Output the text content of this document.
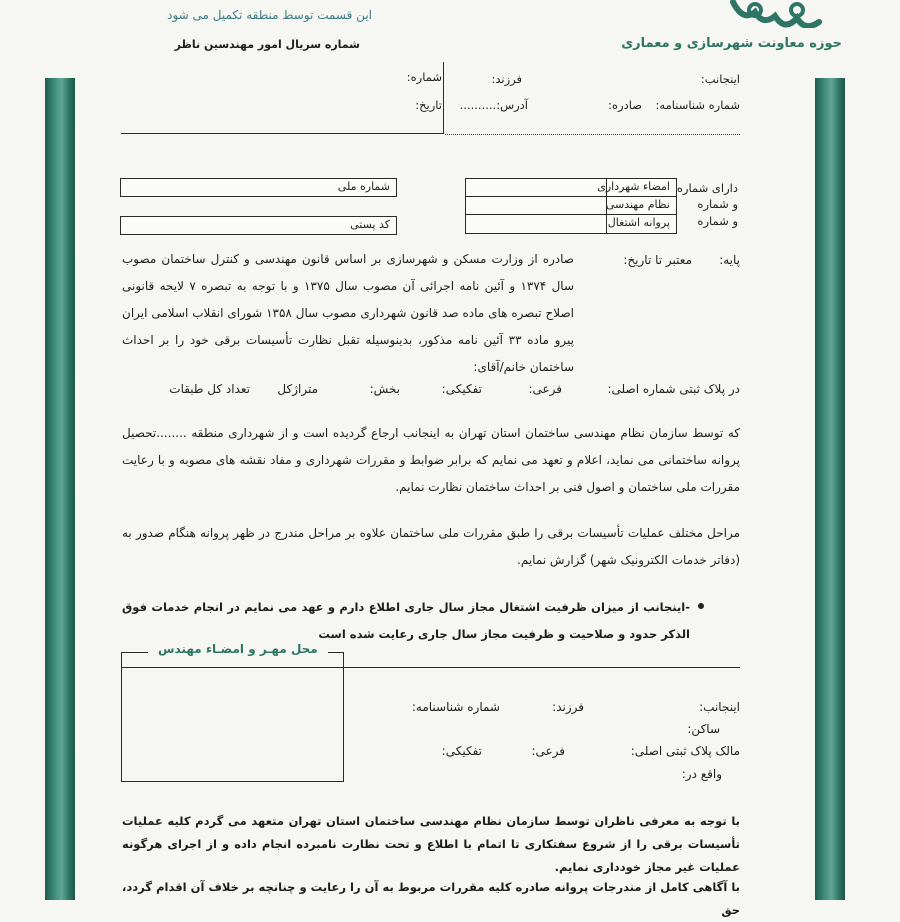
این قسمت توسط منطقه تکمیل می شود
شماره سریال امور مهندسین ناظر	حوزه معاونت شهرسازی و معماری
شماره:
تاریخ:
اینجانب:
فرزند:
شماره شناسنامه:
صادره:
آدرس:..........
دارای شماره
و شماره
و شماره
امضاء شهرداری
نظام مهندسی
پروانه اشتغال
شماره ملی
کد پستی
پایه:
معتبر تا تاریخ:
صادره از وزارت مسکن و شهرسازی بر اساس قانون مهندسی و کنترل ساختمان مصوب سال ۱۳۷۴ و آئین نامه اجرائی آن مصوب سال ۱۳۷۵ و با توجه به تبصره ۷ لایحه قانونی اصلاح تبصره های ماده صد قانون شهرداری مصوب سال ۱۳۵۸ شورای انقلاب اسلامی ایران پیرو ماده ۳۳ آئین نامه مذکور، بدینوسیله تقبل نظارت تأسیسات برقی خود را بر احداث ساختمان خانم/آقای:
در پلاک ثبتی شماره اصلی:
فرعی:
تفکیکی:
بخش:
متراژکل
تعداد کل طبقات
که توسط سازمان نظام مهندسی ساختمان استان تهران به اینجانب ارجاع گردیده است و از شهرداری منطقه ........تحصیل پروانه ساختمانی می نماید، اعلام و تعهد می نمایم که برابر ضوابط و مقررات شهرداری و مفاد نقشه های مصوبه و با رعایت مقررات ملی ساختمان و اصول فنی بر احداث ساختمان نظارت نمایم.
مراحل مختلف عملیات تأسیسات برقی را طبق مقررات ملی ساختمان علاوه بر مراحل مندرج در ظهر پروانه هنگام صدور به (دفاتر خدمات الکترونیک شهر) گزارش نمایم.
-اینجانب از میزان ظرفیت اشتغال مجاز سال جاری اطلاع دارم و عهد می نمایم در انجام خدمات فوق الذکر حدود و صلاحیت و ظرفیت مجاز سال جاری رعایت شده است
محل مهـر و امضـاء مهندس
اینجانب:
فرزند:
شماره شناسنامه:
ساکن:
مالک پلاک ثبتی اصلی:
فرعی:
تفکیکی:
واقع در:
با توجه به معرفی ناظران توسط سازمان نظام مهندسی ساختمان استان تهران متعهد می گردم کلیه عملیات تأسیسات برقی را از شروع سفتکاری تا اتمام با اطلاع و تحت نظارت نامبرده انجام داده و از اجرای هرگونه عملیات غیر مجاز خودداری نمایم.
با آگاهی کامل از مندرجات پروانه صادره کلیه مقررات مربوط به آن را رعایت و چنانچه بر خلاف آن اقدام گردد، حق
